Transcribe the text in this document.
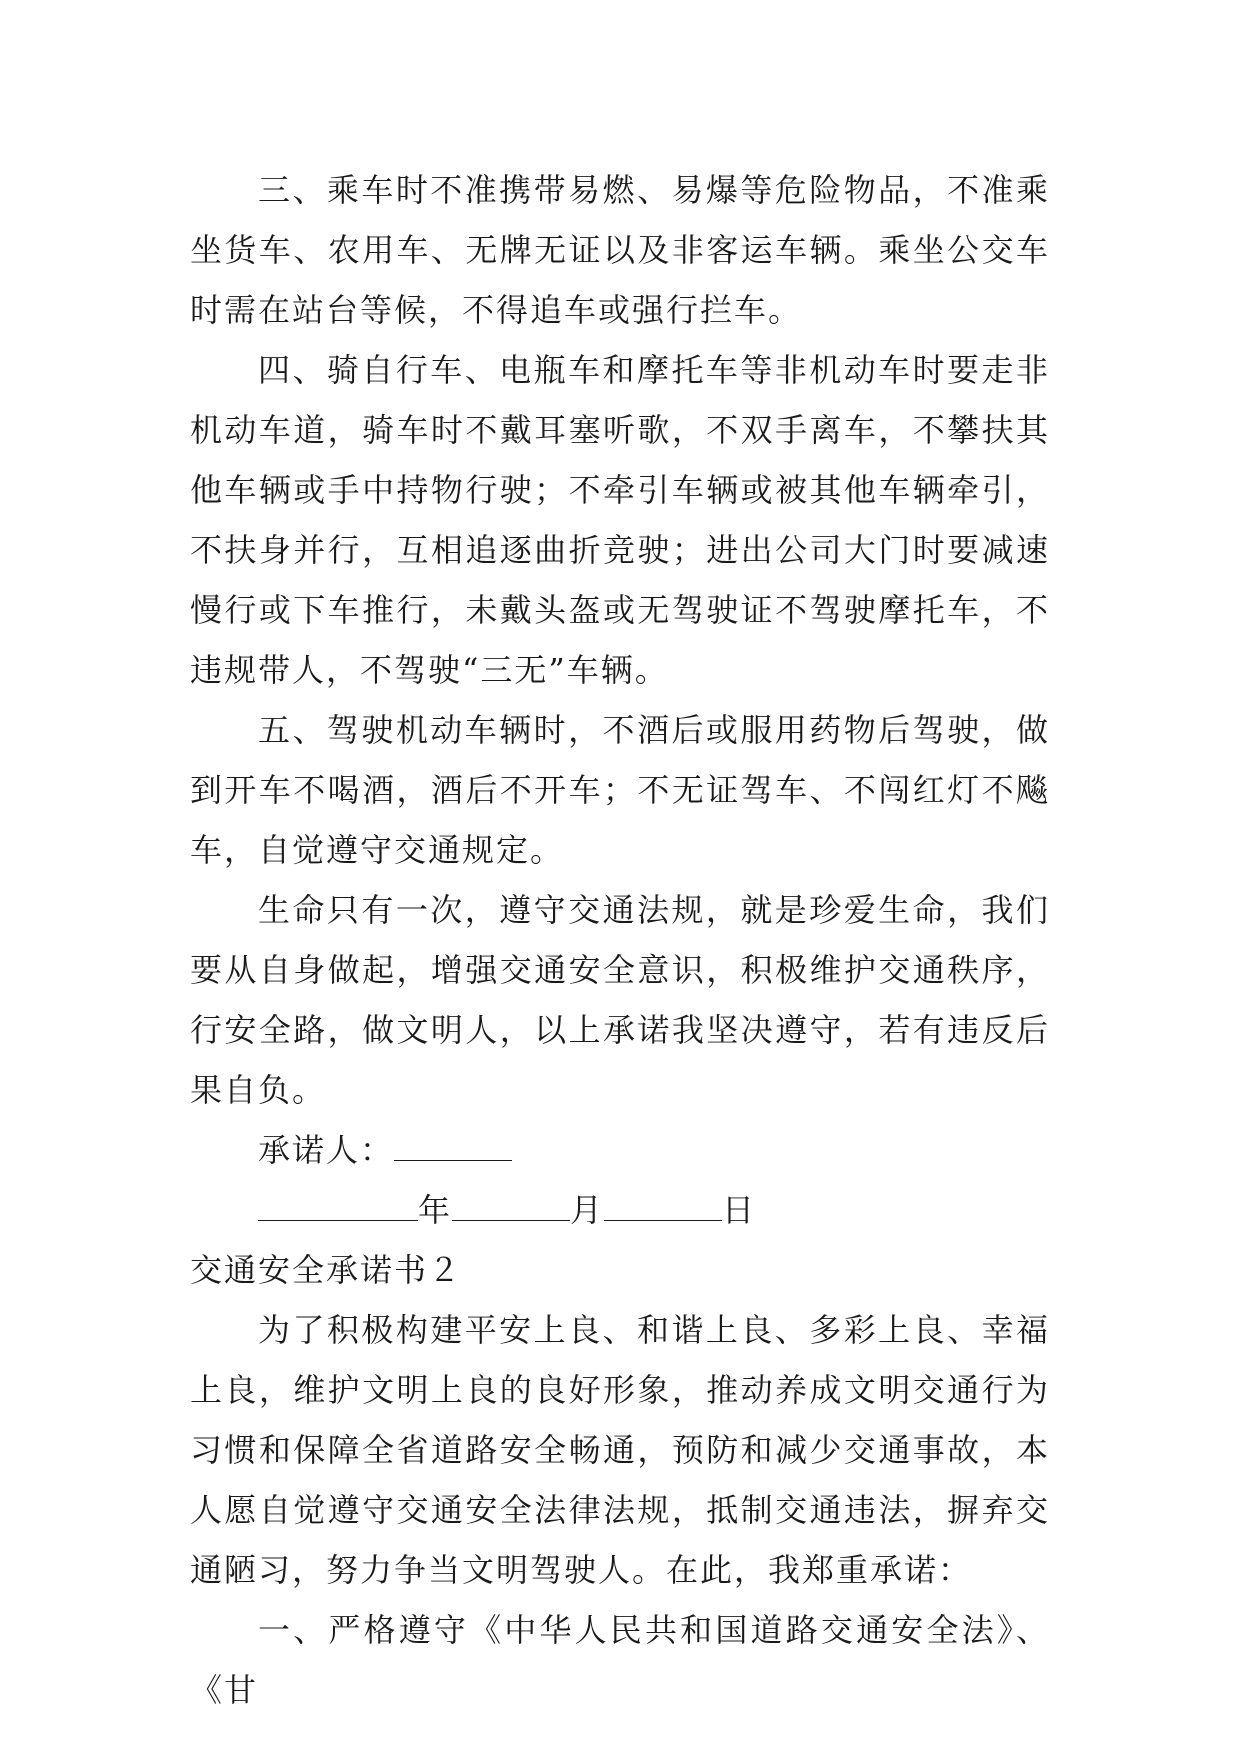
三、乘车时不准携带易燃、易爆等危险物品，不准乘坐货车、农用车、无牌无证以及非客运车辆。乘坐公交车时需在站台等候，不得追车或强行拦车。

四、骑自行车、电瓶车和摩托车等非机动车时要走非机动车道，骑车时不戴耳塞听歌，不双手离车，不攀扶其他车辆或手中持物行驶；不牵引车辆或被其他车辆牵引，不扶身并行，互相追逐曲折竞驶；进出公司大门时要减速慢行或下车推行，未戴头盔或无驾驶证不驾驶摩托车，不违规带人，不驾驶“三无”车辆。

五、驾驶机动车辆时，不酒后或服用药物后驾驶，做到开车不喝酒，酒后不开车；不无证驾车、不闯红灯不飚车，自觉遵守交通规定。

生命只有一次，遵守交通法规，就是珍爱生命，我们要从自身做起，增强交通安全意识，积极维护交通秩序，行安全路，做文明人，以上承诺我坚决遵守，若有违反后果自负。

承诺人：

年	月	日

交通安全承诺书２

为了积极构建平安上良、和谐上良、多彩上良、幸福上良，维护文明上良的良好形象，推动养成文明交通行为习惯和保障全省道路安全畅通，预防和减少交通事故，本人愿自觉遵守交通安全法律法规，抵制交通违法，摒弃交通陋习，努力争当文明驾驶人。在此，我郑重承诺：

一、严格遵守《中华人民共和国道路交通安全法》、《甘
